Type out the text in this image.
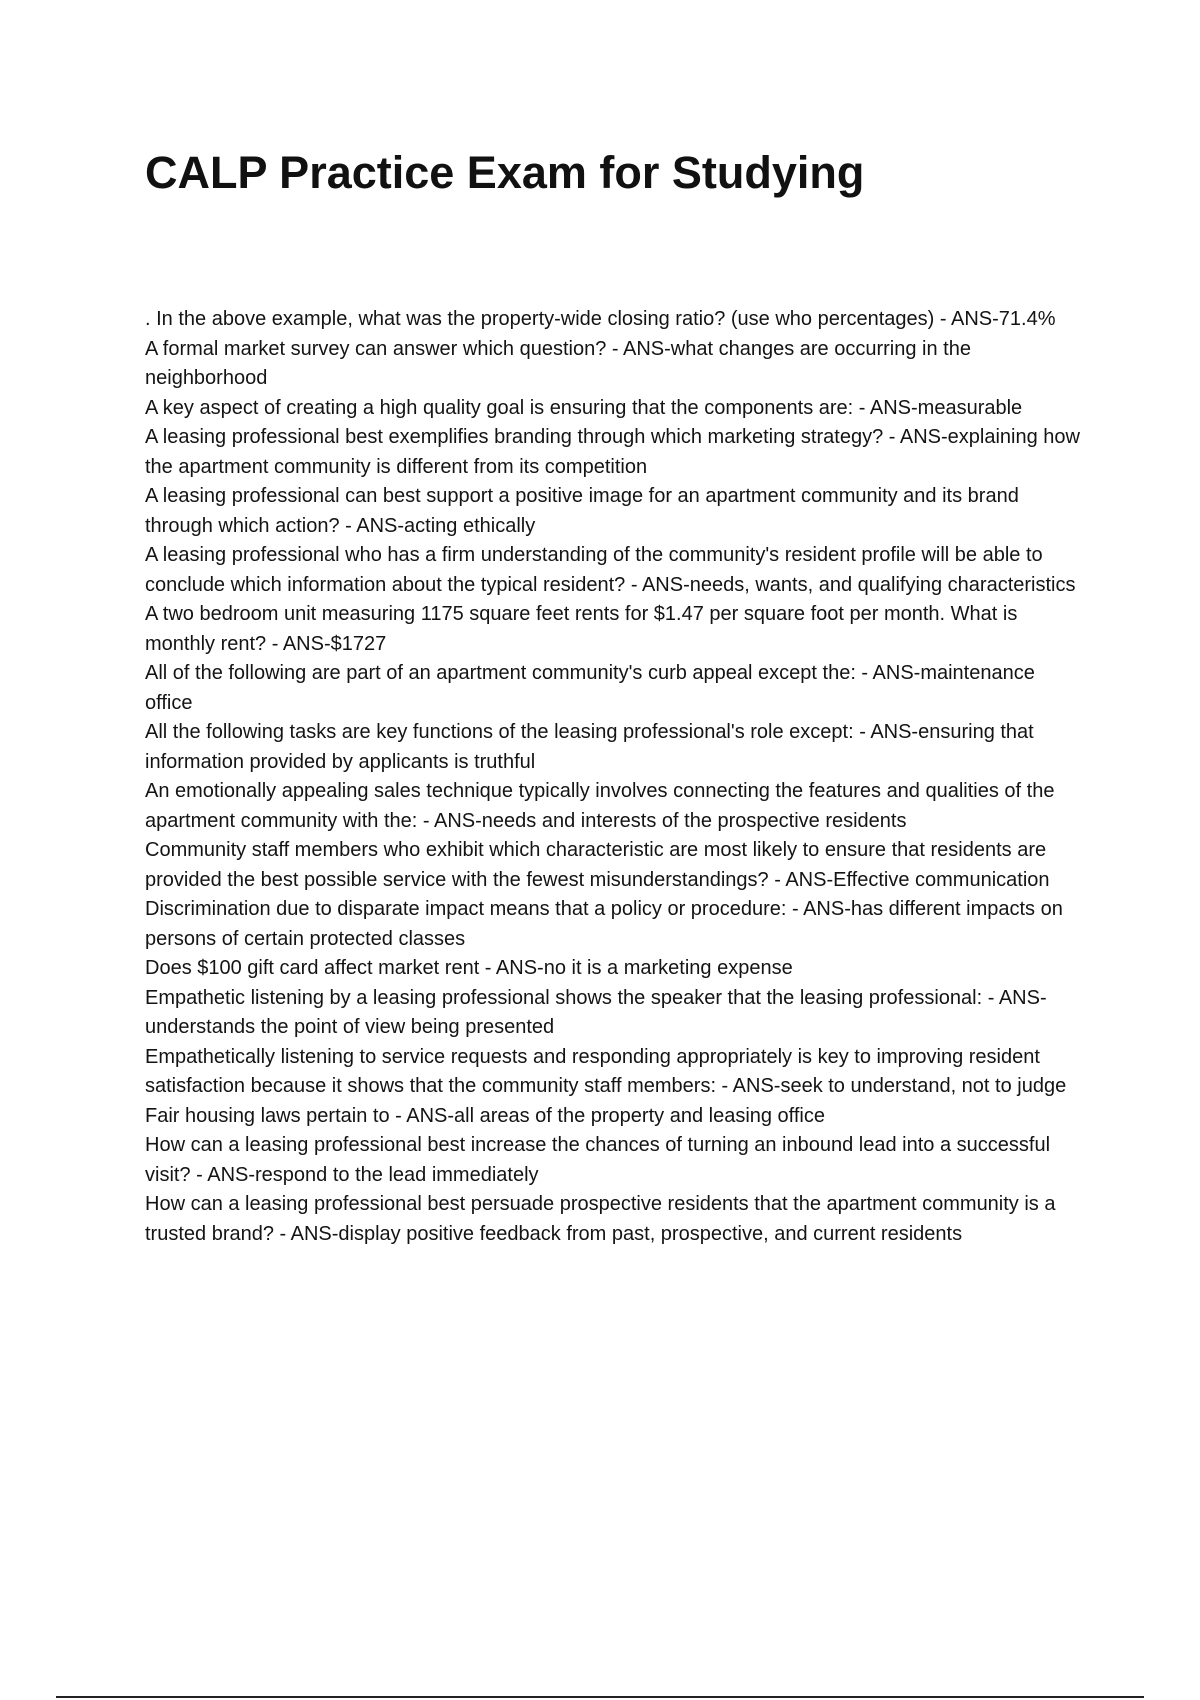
CALP Practice Exam for Studying
. In the above example, what was the property-wide closing ratio? (use who percentages) - ANS-71.4%
A formal market survey can answer which question? - ANS-what changes are occurring in the neighborhood
A key aspect of creating a high quality goal is ensuring that the components are: - ANS-measurable
A leasing professional best exemplifies branding through which marketing strategy? - ANS-explaining how the apartment community is different from its competition
A leasing professional can best support a positive image for an apartment community and its brand through which action? - ANS-acting ethically
A leasing professional who has a firm understanding of the community's resident profile will be able to conclude which information about the typical resident? - ANS-needs, wants, and qualifying characteristics
A two bedroom unit measuring 1175 square feet rents for $1.47 per square foot per month. What is monthly rent? - ANS-$1727
All of the following are part of an apartment community's curb appeal except the: - ANS-maintenance office
All the following tasks are key functions of the leasing professional's role except: - ANS-ensuring that information provided by applicants is truthful
An emotionally appealing sales technique typically involves connecting the features and qualities of the apartment community with the: - ANS-needs and interests of the prospective residents
Community staff members who exhibit which characteristic are most likely to ensure that residents are provided the best possible service with the fewest misunderstandings? - ANS-Effective communication
Discrimination due to disparate impact means that a policy or procedure: - ANS-has different impacts on persons of certain protected classes
Does $100 gift card affect market rent - ANS-no it is a marketing expense
Empathetic listening by a leasing professional shows the speaker that the leasing professional: - ANS-understands the point of view being presented
Empathetically listening to service requests and responding appropriately is key to improving resident satisfaction because it shows that the community staff members: - ANS-seek to understand, not to judge
Fair housing laws pertain to - ANS-all areas of the property and leasing office
How can a leasing professional best increase the chances of turning an inbound lead into a successful visit? - ANS-respond to the lead immediately
How can a leasing professional best persuade prospective residents that the apartment community is a trusted brand? - ANS-display positive feedback from past, prospective, and current residents
